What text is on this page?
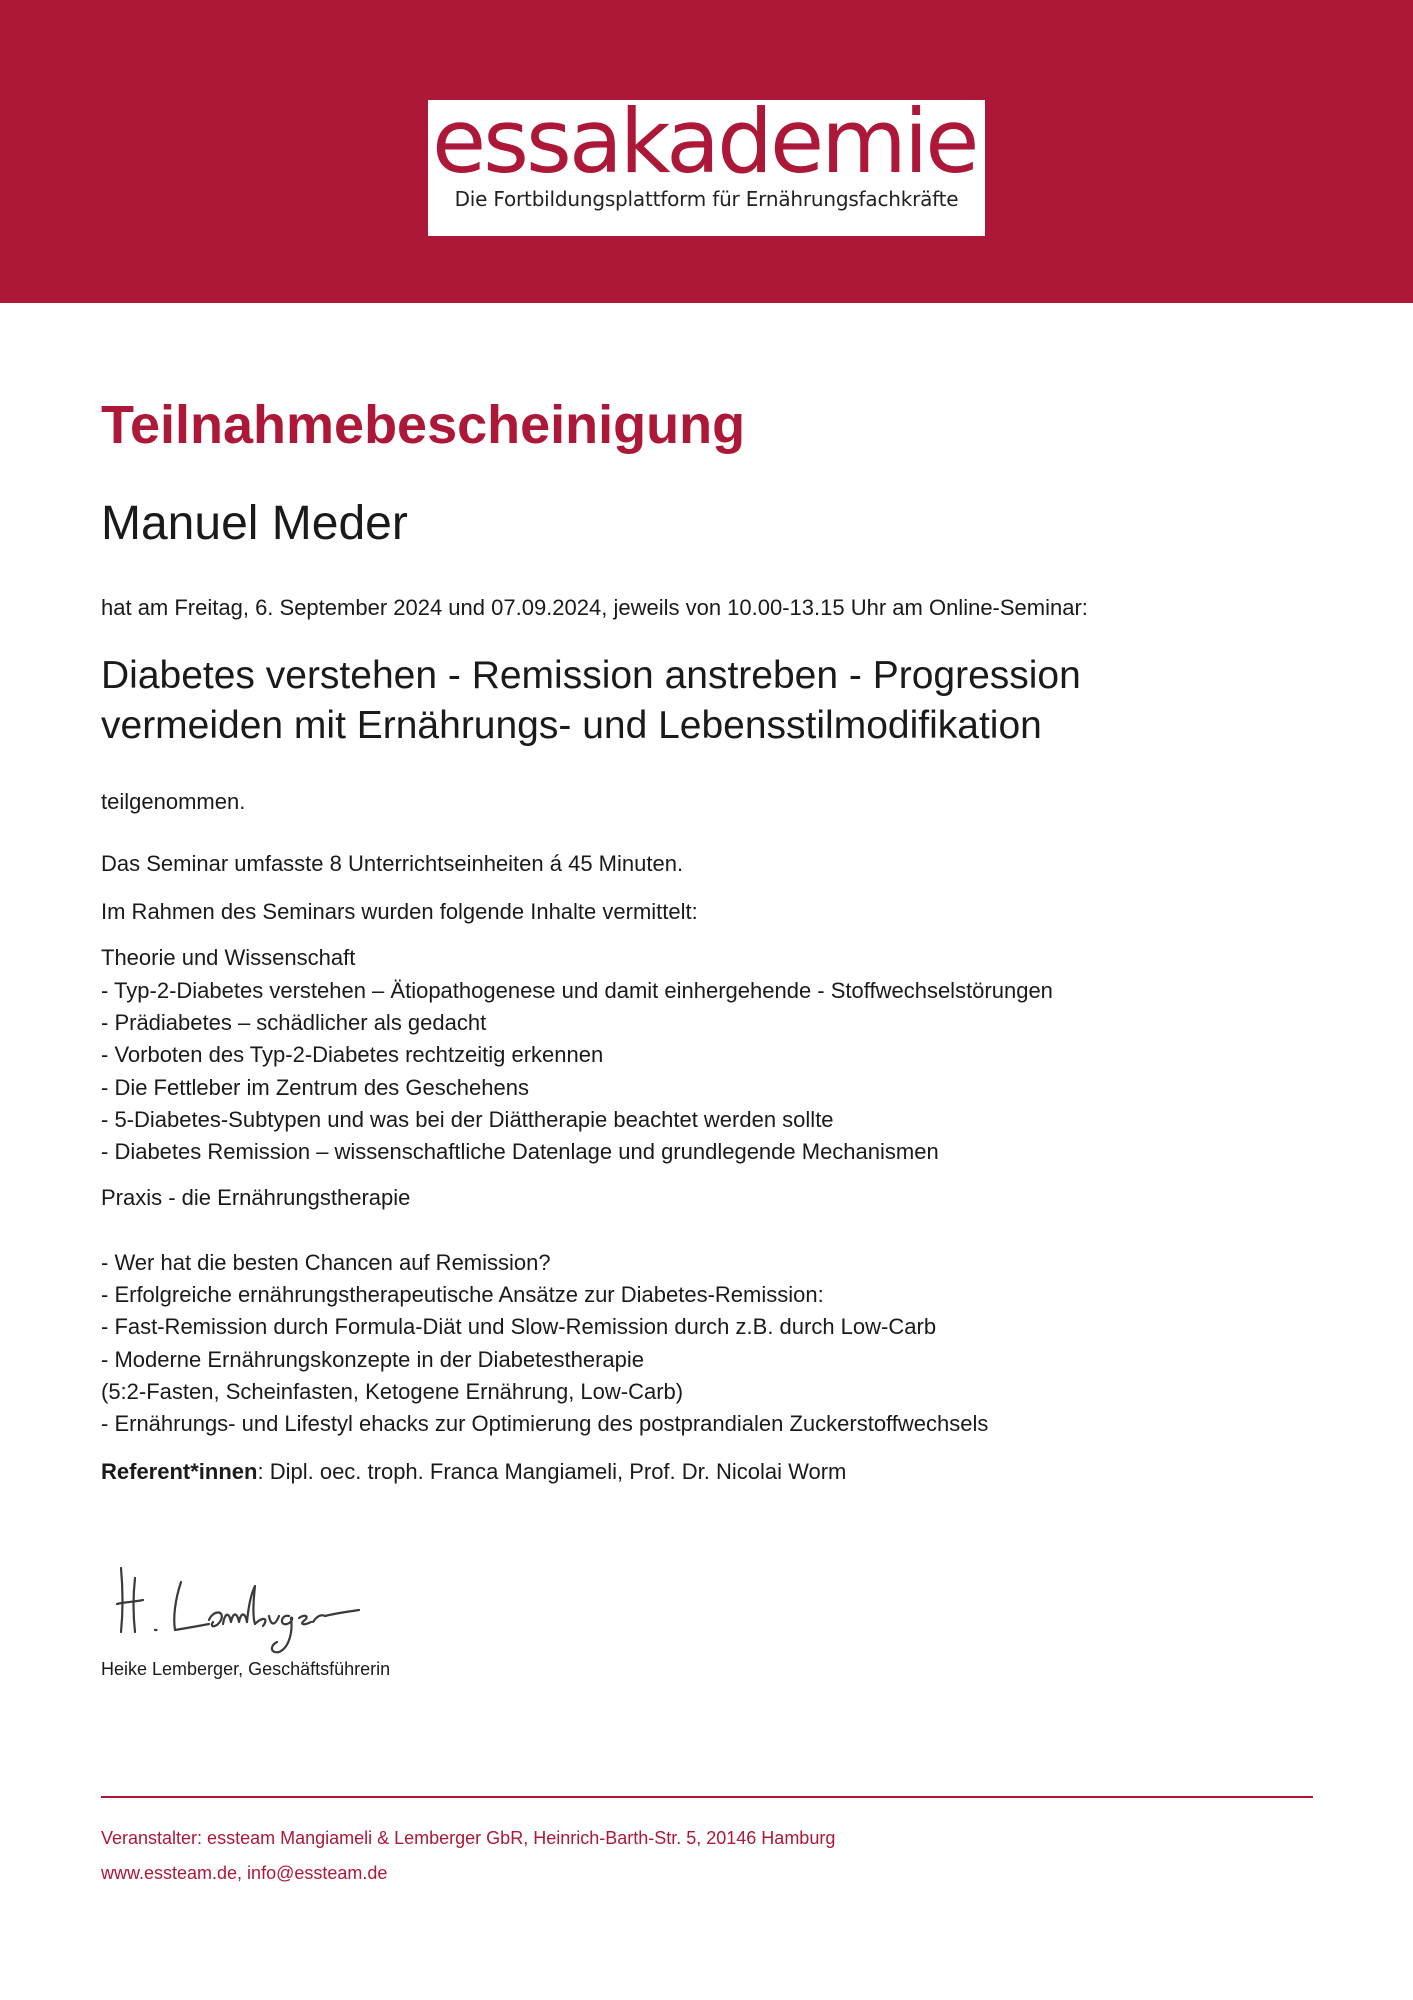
essakademie
Die Fortbildungsplattform für Ernährungsfachkräfte
Teilnahmebescheinigung
Manuel Meder
hat am Freitag, 6. September 2024 und 07.09.2024, jeweils von 10.00-13.15 Uhr am Online-Seminar:
Diabetes verstehen - Remission anstreben - Progression
vermeiden mit Ernährungs- und Lebensstilmodifikation
teilgenommen.
Das Seminar umfasste 8 Unterrichtseinheiten á 45 Minuten.
Im Rahmen des Seminars wurden folgende Inhalte vermittelt:
Theorie und Wissenschaft
- Typ-2-Diabetes verstehen – Ätiopathogenese und damit einhergehende - Stoffwechselstörungen
- Prädiabetes – schädlicher als gedacht
- Vorboten des Typ-2-Diabetes rechtzeitig erkennen
- Die Fettleber im Zentrum des Geschehens
- 5-Diabetes-Subtypen und was bei der Diättherapie beachtet werden sollte
- Diabetes Remission – wissenschaftliche Datenlage und grundlegende Mechanismen
Praxis - die Ernährungstherapie
- Wer hat die besten Chancen auf Remission?
- Erfolgreiche ernährungstherapeutische Ansätze zur Diabetes-Remission:
- Fast-Remission durch Formula-Diät und Slow-Remission durch z.B. durch Low-Carb
- Moderne Ernährungskonzepte in der Diabetestherapie
(5:2-Fasten, Scheinfasten, Ketogene Ernährung, Low-Carb)
- Ernährungs- und Lifestyl ehacks zur Optimierung des postprandialen Zuckerstoffwechsels
Referent*innen: Dipl. oec. troph. Franca Mangiameli, Prof. Dr. Nicolai Worm
Heike Lemberger, Geschäftsführerin
Veranstalter: essteam Mangiameli & Lemberger GbR, Heinrich-Barth-Str. 5, 20146 Hamburg
www.essteam.de, info@essteam.de
